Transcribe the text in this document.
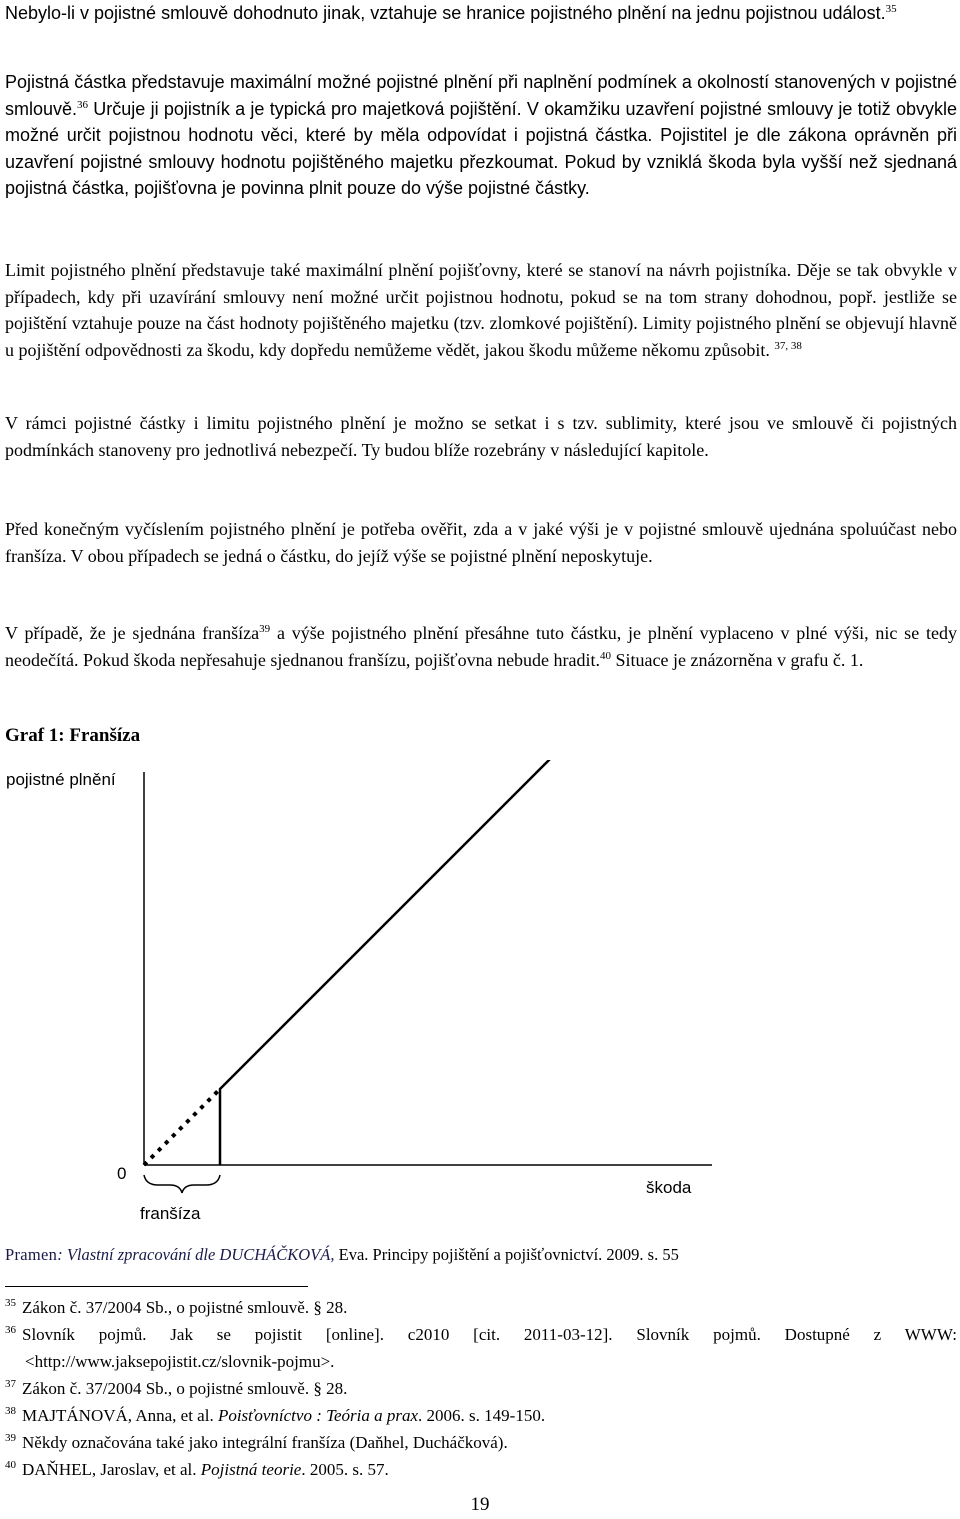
Nebylo-li v pojistné smlouvě dohodnuto jinak, vztahuje se hranice pojistného plnění na jednu pojistnou událost.$^{35}$

Pojistná částka představuje maximální možné pojistné plnění při naplnění podmínek a okolností stanovených v pojistné smlouvě.$^{36}$ Určuje ji pojistník a je typická pro majetková pojištění. V okamžiku uzavření pojistné smlouvy je totiž obvykle možné určit pojistnou hodnotu věci, které by měla odpovídat i pojistná částka. Pojistitel je dle zákona oprávněn při uzavření pojistné smlouvy hodnotu pojištěného majetku přezkoumat. Pokud by vzniklá škoda byla vyšší než sjednaná pojistná částka, pojišťovna je povinna plnit pouze do výše pojistné částky.

Limit pojistného plnění představuje také maximální plnění pojišťovny, které se stanoví na návrh pojistníka. Děje se tak obvykle v případech, kdy při uzavírání smlouvy není možné určit pojistnou hodnotu, pokud se na tom strany dohodnou, popř. jestliže se pojištění vztahuje pouze na část hodnoty pojištěného majetku (tzv. zlomkové pojištění). Limity pojistného plnění se objevují hlavně u pojištění odpovědnosti za škodu, kdy dopředu nemůžeme vědět, jakou škodu můžeme někomu způsobit. $^{37, 38}$

V rámci pojistné částky i limitu pojistného plnění je možno se setkat i s tzv. sublimity, které jsou ve smlouvě či pojistných podmínkách stanoveny pro jednotlivá nebezpečí. Ty budou blíže rozebrány v následující kapitole.

Před konečným vyčíslením pojistného plnění je potřeba ověřit, zda a v jaké výši je v pojistné smlouvě ujednána spoluúčast nebo franšíza. V obou případech se jedná o částku, do jejíž výše se pojistné plnění neposkytuje.

V případě, že je sjednána franšíza$^{39}$ a výše pojistného plnění přesáhne tuto částku, je plnění vyplaceno v plné výši, nic se tedy neodečítá. Pokud škoda nepřesahuje sjednanou franšízu, pojišťovna nebude hradit.$^{40}$ Situace je znázorněna v grafu č. 1.

Graf 1: Franšíza
pojistné plnění
0
škoda
franšíza

Pramen: Vlastní zpracování dle DUCHÁČKOVÁ, Eva. Principy pojištění a pojišťovnictví. 2009. s. 55

$^{35}$ Zákon č. 37/2004 Sb., o pojistné smlouvě. § 28.

$^{36}$ Slovník pojmů. Jak se pojistit [online]. c2010 [cit. 2011-03-12]. Slovník pojmů. Dostupné z WWW: <http://www.jaksepojistit.cz/slovnik-pojmu>.

$^{37}$ Zákon č. 37/2004 Sb., o pojistné smlouvě. § 28.

$^{38}$ MAJTÁNOVÁ, Anna, et al. Poisťovníctvo : Teória a prax. 2006. s. 149-150.

$^{39}$ Někdy označována také jako integrální franšíza (Daňhel, Ducháčková).

$^{40}$ DAŇHEL, Jaroslav, et al. Pojistná teorie. 2005. s. 57.

19
